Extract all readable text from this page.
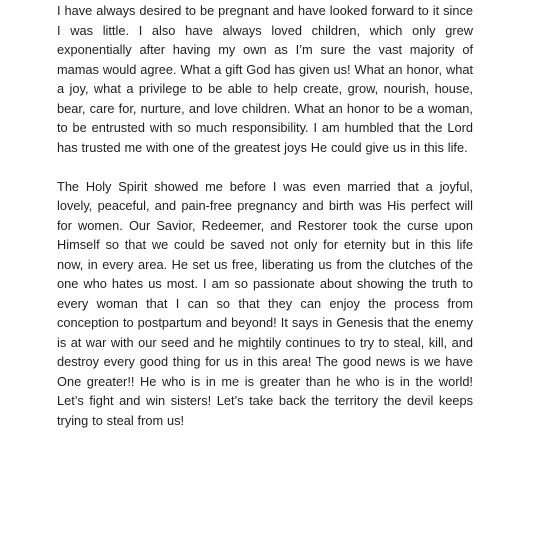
I have always desired to be pregnant and have looked forward to it since I was little. I also have always loved children, which only grew exponentially after having my own as I’m sure the vast majority of mamas would agree. What a gift God has given us! What an honor, what a joy, what a privilege to be able to help create, grow, nourish, house, bear, care for, nurture, and love children. What an honor to be a woman, to be entrusted with so much responsibility. I am humbled that the Lord has trusted me with one of the greatest joys He could give us in this life.

The Holy Spirit showed me before I was even married that a joyful, lovely, peaceful, and pain-free pregnancy and birth was His perfect will for women. Our Savior, Redeemer, and Restorer took the curse upon Himself so that we could be saved not only for eternity but in this life now, in every area. He set us free, liberating us from the clutches of the one who hates us most. I am so passionate about showing the truth to every woman that I can so that they can enjoy the process from conception to postpartum and beyond! It says in Genesis that the enemy is at war with our seed and he mightily continues to try to steal, kill, and destroy every good thing for us in this area! The good news is we have One greater!! He who is in me is greater than he who is in the world! Let’s fight and win sisters! Let’s take back the territory the devil keeps trying to steal from us!
